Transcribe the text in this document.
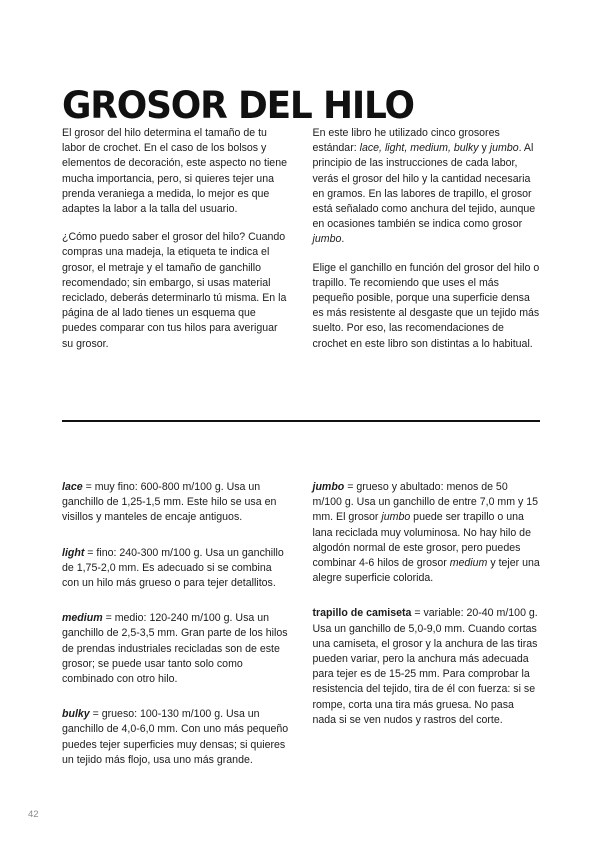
GROSOR DEL HILO

El grosor del hilo determina el tamaño de tu labor de crochet. En el caso de los bolsos y elementos de decoración, este aspecto no tiene mucha importancia, pero, si quieres tejer una prenda veraniega a medida, lo mejor es que adaptes la labor a la talla del usuario.

¿Cómo puedo saber el grosor del hilo? Cuando compras una madeja, la etiqueta te indica el grosor, el metraje y el tamaño de ganchillo recomendado; sin embargo, si usas material reciclado, deberás determinarlo tú misma. En la página de al lado tienes un esquema que puedes comparar con tus hilos para averiguar su grosor.

En este libro he utilizado cinco grosores estándar: lace, light, medium, bulky y jumbo. Al principio de las instrucciones de cada labor, verás el grosor del hilo y la cantidad necesaria en gramos. En las labores de trapillo, el grosor está señalado como anchura del tejido, aunque en ocasiones también se indica como grosor jumbo.

Elige el ganchillo en función del grosor del hilo o trapillo. Te recomiendo que uses el más pequeño posible, porque una superficie densa es más resistente al desgaste que un tejido más suelto. Por eso, las recomendaciones de crochet en este libro son distintas a lo habitual.

lace = muy fino: 600-800 m/100 g. Usa un ganchillo de 1,25-1,5 mm. Este hilo se usa en visillos y manteles de encaje antiguos.

light = fino: 240-300 m/100 g. Usa un ganchillo de 1,75-2,0 mm. Es adecuado si se combina con un hilo más grueso o para tejer detallitos.

medium = medio: 120-240 m/100 g. Usa un ganchillo de 2,5-3,5 mm. Gran parte de los hilos de prendas industriales recicladas son de este grosor; se puede usar tanto solo como combinado con otro hilo.

bulky = grueso: 100-130 m/100 g. Usa un ganchillo de 4,0-6,0 mm. Con uno más pequeño puedes tejer superficies muy densas; si quieres un tejido más flojo, usa uno más grande.

jumbo = grueso y abultado: menos de 50 m/100 g. Usa un ganchillo de entre 7,0 mm y 15 mm. El grosor jumbo puede ser trapillo o una lana reciclada muy voluminosa. No hay hilo de algodón normal de este grosor, pero puedes combinar 4-6 hilos de grosor medium y tejer una alegre superficie colorida.

trapillo de camiseta = variable: 20-40 m/100 g. Usa un ganchillo de 5,0-9,0 mm. Cuando cortas una camiseta, el grosor y la anchura de las tiras pueden variar, pero la anchura más adecuada para tejer es de 15-25 mm. Para comprobar la resistencia del tejido, tira de él con fuerza: si se rompe, corta una tira más gruesa. No pasa nada si se ven nudos y rastros del corte.

42
